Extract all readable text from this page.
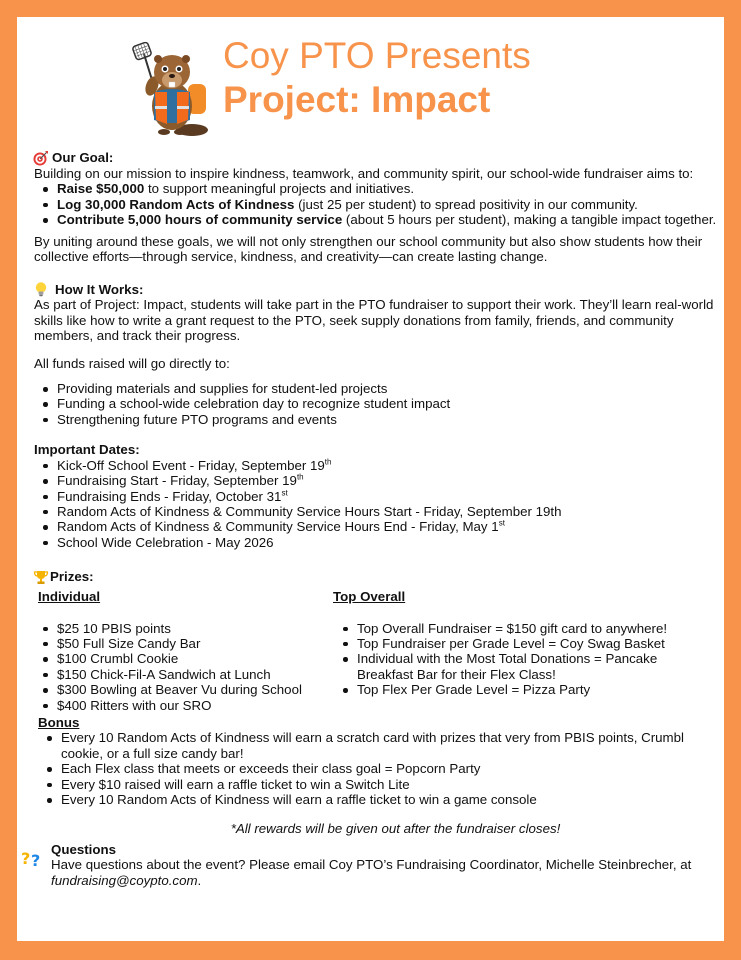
Coy PTO Presents
Project: Impact
Our Goal:
Building on our mission to inspire kindness, teamwork, and community spirit, our school-wide fundraiser aims to:
Raise $50,000 to support meaningful projects and initiatives.
Log 30,000 Random Acts of Kindness (just 25 per student) to spread positivity in our community.
Contribute 5,000 hours of community service (about 5 hours per student), making a tangible impact together.
By uniting around these goals, we will not only strengthen our school community but also show students how their collective efforts—through service, kindness, and creativity—can create lasting change.
How It Works:
As part of Project: Impact, students will take part in the PTO fundraiser to support their work. They’ll learn real-world skills like how to write a grant request to the PTO, seek supply donations from family, friends, and community members, and track their progress.
All funds raised will go directly to:
Providing materials and supplies for student-led projects
Funding a school-wide celebration day to recognize student impact
Strengthening future PTO programs and events
Important Dates:
Kick-Off School Event - Friday, September 19th
Fundraising Start - Friday, September 19th
Fundraising Ends - Friday, October 31st
Random Acts of Kindness & Community Service Hours Start - Friday, September 19th
Random Acts of Kindness & Community Service Hours End - Friday, May 1st
School Wide Celebration - May 2026
Prizes:
Individual
$25 10 PBIS points
$50 Full Size Candy Bar
$100 Crumbl Cookie
$150 Chick-Fil-A Sandwich at Lunch
$300 Bowling at Beaver Vu during School
$400 Ritters with our SRO
Top Overall
Top Overall Fundraiser = $150 gift card to anywhere!
Top Fundraiser per Grade Level = Coy Swag Basket
Individual with the Most Total Donations = Pancake Breakfast Bar for their Flex Class!
Top Flex Per Grade Level = Pizza Party
Bonus
Every 10 Random Acts of Kindness will earn a scratch card with prizes that very from PBIS points, Crumbl cookie, or a full size candy bar!
Each Flex class that meets or exceeds their class goal = Popcorn Party
Every $10 raised will earn a raffle ticket to win a Switch Lite
Every 10 Random Acts of Kindness will earn a raffle ticket to win a game console
*All rewards will be given out after the fundraiser closes!
? ?
Questions
Have questions about the event? Please email Coy PTO’s Fundraising Coordinator, Michelle Steinbrecher, at fundraising@coypto.com.
